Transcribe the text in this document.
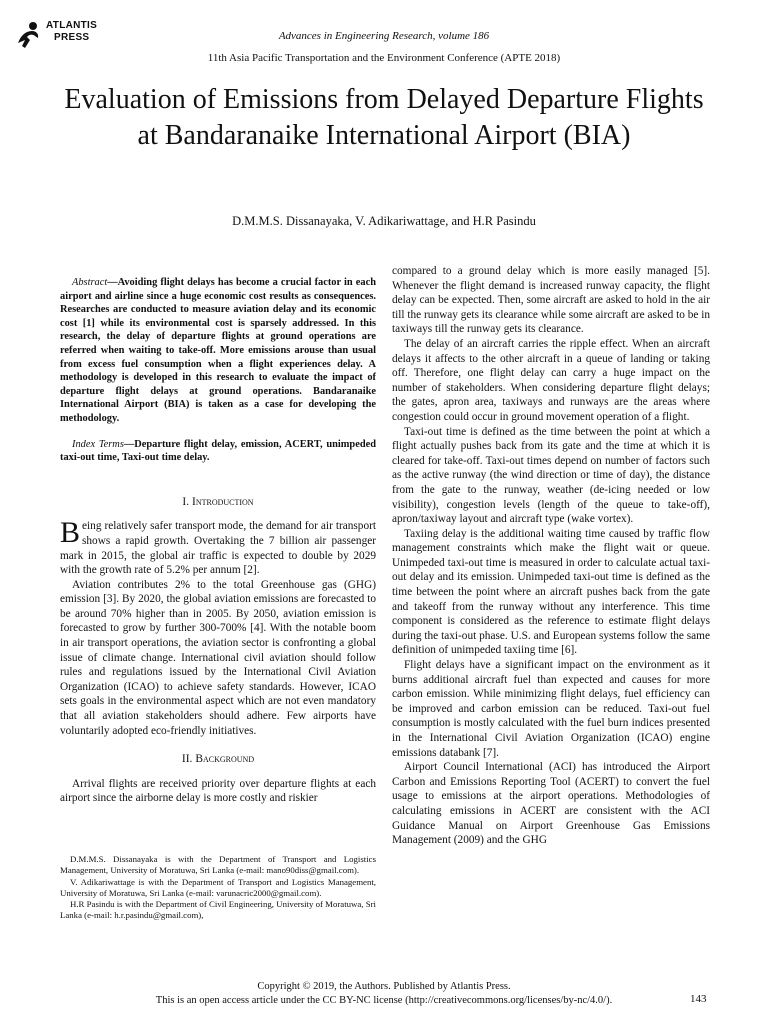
ATLANTIS
PRESS	Advances in Engineering Research, volume 186
11th Asia Pacific Transportation and the Environment Conference (APTE 2018)
Evaluation of Emissions from Delayed Departure Flights at Bandaranaike International Airport (BIA)
D.M.M.S. Dissanayaka, V. Adikariwattage, and H.R Pasindu

Abstract—Avoiding flight delays has become a crucial factor in each airport and airline since a huge economic cost results as consequences. Researches are conducted to measure aviation delay and its economic cost [1] while its environmental cost is sparsely addressed. In this research, the delay of departure flights at ground operations are referred when waiting to take-off. More emissions arouse than usual from excess fuel consumption when a flight experiences delay. A methodology is developed in this research to evaluate the impact of departure flight delays at ground operations. Bandaranaike International Airport (BIA) is taken as a case for developing the methodology.

Index Terms—Departure flight delay, emission, ACERT, unimpeded taxi-out time, Taxi-out time delay.

I. Introduction

Being relatively safer transport mode, the demand for air transport shows a rapid growth. Overtaking the 7 billion air passenger mark in 2015, the global air traffic is expected to double by 2029 with the growth rate of 5.2% per annum [2].

Aviation contributes 2% to the total Greenhouse gas (GHG) emission [3]. By 2020, the global aviation emissions are forecasted to be around 70% higher than in 2005. By 2050, aviation emission is forecasted to grow by further 300-700% [4]. With the notable boom in air transport operations, the aviation sector is confronting a global issue of climate change. International civil aviation should follow rules and regulations issued by the International Civil Aviation Organization (ICAO) to achieve safety standards. However, ICAO sets goals in the environmental aspect which are not even mandatory that all aviation stakeholders should adhere. Few airports have voluntarily adopted eco-friendly initiatives.

II. Background

Arrival flights are received priority over departure flights at each airport since the airborne delay is more costly and riskier

D.M.M.S. Dissanayaka is with the Department of Transport and Logistics Management, University of Moratuwa, Sri Lanka (e-mail: mano90diss@gmail.com).

V. Adikariwattage is with the Department of Transport and Logistics Management, University of Moratuwa, Sri Lanka (e-mail: varunacric2000@gmail.com).

H.R Pasindu is with the Department of Civil Engineering, University of Moratuwa, Sri Lanka (e-mail: h.r.pasindu@gmail.com),

compared to a ground delay which is more easily managed [5]. Whenever the flight demand is increased runway capacity, the flight delay can be expected. Then, some aircraft are asked to hold in the air till the runway gets its clearance while some aircraft are asked to be in taxiways till the runway gets its clearance.

The delay of an aircraft carries the ripple effect. When an aircraft delays it affects to the other aircraft in a queue of landing or taking off. Therefore, one flight delay can carry a huge impact on the number of stakeholders. When considering departure flight delays; the gates, apron area, taxiways and runways are the areas where congestion could occur in ground movement operation of a flight.

Taxi-out time is defined as the time between the point at which a flight actually pushes back from its gate and the time at which it is cleared for take-off. Taxi-out times depend on number of factors such as the active runway (the wind direction or time of day), the distance from the gate to the runway, weather (de-icing needed or low visibility), congestion levels (length of the queue to take-off), apron/taxiway layout and aircraft type (wake vortex).

Taxiing delay is the additional waiting time caused by traffic flow management constraints which make the flight wait or queue. Unimpeded taxi-out time is measured in order to calculate actual taxi-out delay and its emission. Unimpeded taxi-out time is defined as the time between the point where an aircraft pushes back from the gate and takeoff from the runway without any interference. This time component is considered as the reference to estimate flight delays during the taxi-out phase. U.S. and European systems follow the same definition of unimpeded taxiing time [6].

Flight delays have a significant impact on the environment as it burns additional aircraft fuel than expected and causes for more carbon emission. While minimizing flight delays, fuel efficiency can be improved and carbon emission can be reduced. Taxi-out fuel consumption is mostly calculated with the fuel burn indices presented in the International Civil Aviation Organization (ICAO) engine emissions databank [7].

Airport Council International (ACI) has introduced the Airport Carbon and Emissions Reporting Tool (ACERT) to convert the fuel usage to emissions at the airport operations. Methodologies of calculating emissions in ACERT are consistent with the ACI Guidance Manual on Airport Greenhouse Gas Emissions Management (2009) and the GHG

Copyright © 2019, the Authors. Published by Atlantis Press.
This is an open access article under the CC BY-NC license (http://creativecommons.org/licenses/by-nc/4.0/).	143
